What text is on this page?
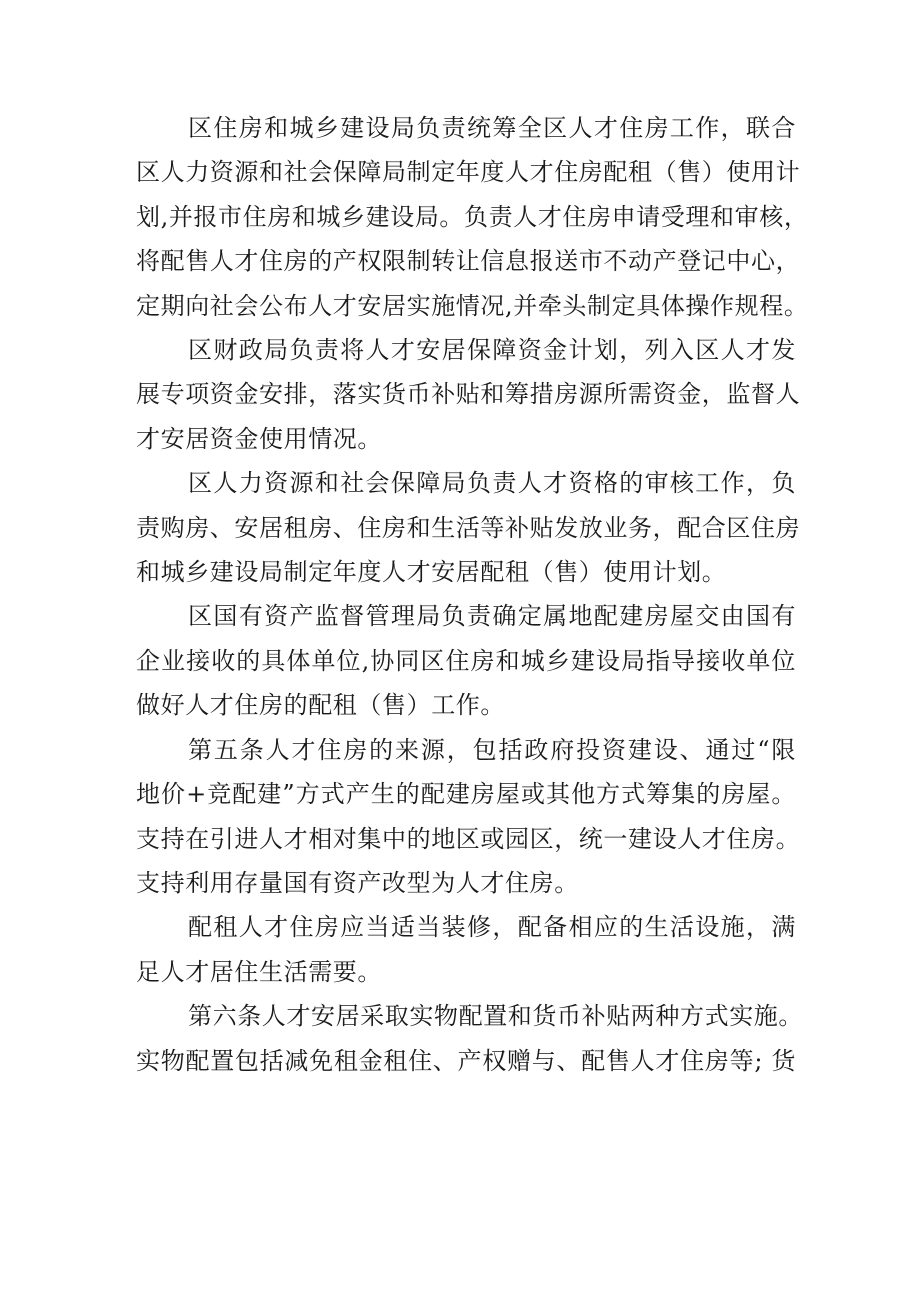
区住房和城乡建设局负责统筹全区人才住房工作，联合
区人力资源和社会保障局制定年度人才住房配租（售）使用计
划,并报市住房和城乡建设局。负责人才住房申请受理和审核，
将配售人才住房的产权限制转让信息报送市不动产登记中心，
定期向社会公布人才安居实施情况,并牵头制定具体操作规程。

区财政局负责将人才安居保障资金计划，列入区人才发
展专项资金安排，落实货币补贴和筹措房源所需资金，监督人
才安居资金使用情况。

区人力资源和社会保障局负责人才资格的审核工作，负
责购房、安居租房、住房和生活等补贴发放业务，配合区住房
和城乡建设局制定年度人才安居配租（售）使用计划。

区国有资产监督管理局负责确定属地配建房屋交由国有
企业接收的具体单位,协同区住房和城乡建设局指导接收单位
做好人才住房的配租（售）工作。

第五条人才住房的来源，包括政府投资建设、通过“限
地价+竞配建”方式产生的配建房屋或其他方式筹集的房屋。
支持在引进人才相对集中的地区或园区，统一建设人才住房。
支持利用存量国有资产改型为人才住房。

配租人才住房应当适当装修，配备相应的生活设施，满
足人才居住生活需要。

第六条人才安居采取实物配置和货币补贴两种方式实施。
实物配置包括减免租金租住、产权赠与、配售人才住房等; 货
